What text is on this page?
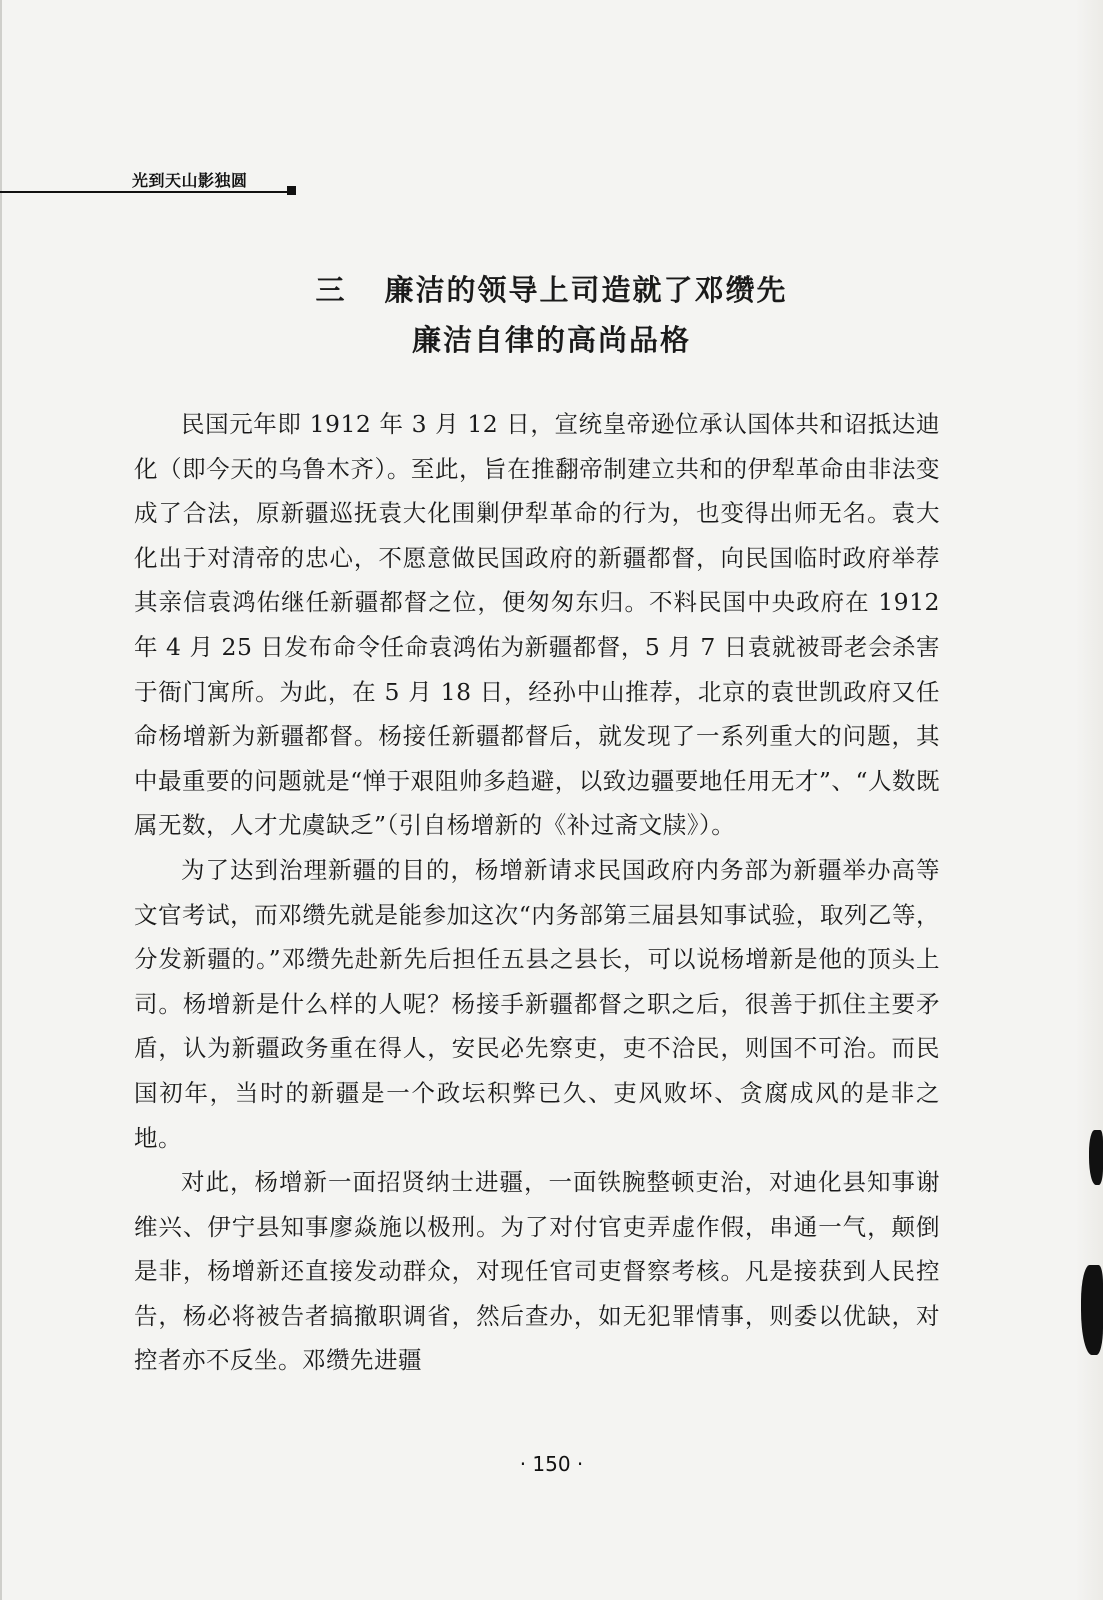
光到天山影独圆
三 廉洁的领导上司造就了邓缵先
廉洁自律的高尚品格

民国元年即 1912 年 3 月 12 日，宣统皇帝逊位承认国体共和诏抵达迪化（即今天的乌鲁木齐）。至此，旨在推翻帝制建立共和的伊犁革命由非法变成了合法，原新疆巡抚袁大化围剿伊犁革命的行为，也变得出师无名。袁大化出于对清帝的忠心，不愿意做民国政府的新疆都督，向民国临时政府举荐其亲信袁鸿佑继任新疆都督之位，便匆匆东归。不料民国中央政府在 1912 年 4 月 25 日发布命令任命袁鸿佑为新疆都督，5 月 7 日袁就被哥老会杀害于衙门寓所。为此，在 5 月 18 日，经孙中山推荐，北京的袁世凯政府又任命杨增新为新疆都督。杨接任新疆都督后，就发现了一系列重大的问题，其中最重要的问题就是“惮于艰阻帅多趋避，以致边疆要地任用无才”、“人数既属无数，人才尤虞缺乏”（引自杨增新的《补过斋文牍》）。

为了达到治理新疆的目的，杨增新请求民国政府内务部为新疆举办高等文官考试，而邓缵先就是能参加这次“内务部第三届县知事试验，取列乙等，分发新疆的。”邓缵先赴新先后担任五县之县长，可以说杨增新是他的顶头上司。杨增新是什么样的人呢？杨接手新疆都督之职之后，很善于抓住主要矛盾，认为新疆政务重在得人，安民必先察吏，吏不洽民，则国不可治。而民国初年，当时的新疆是一个政坛积弊已久、吏风败坏、贪腐成风的是非之地。

对此，杨增新一面招贤纳士进疆，一面铁腕整顿吏治，对迪化县知事谢维兴、伊宁县知事廖焱施以极刑。为了对付官吏弄虚作假，串通一气，颠倒是非，杨增新还直接发动群众，对现任官司吏督察考核。凡是接获到人民控告，杨必将被告者搞撤职调省，然后查办，如无犯罪情事，则委以优缺，对控者亦不反坐。邓缵先进疆

· 150 ·
